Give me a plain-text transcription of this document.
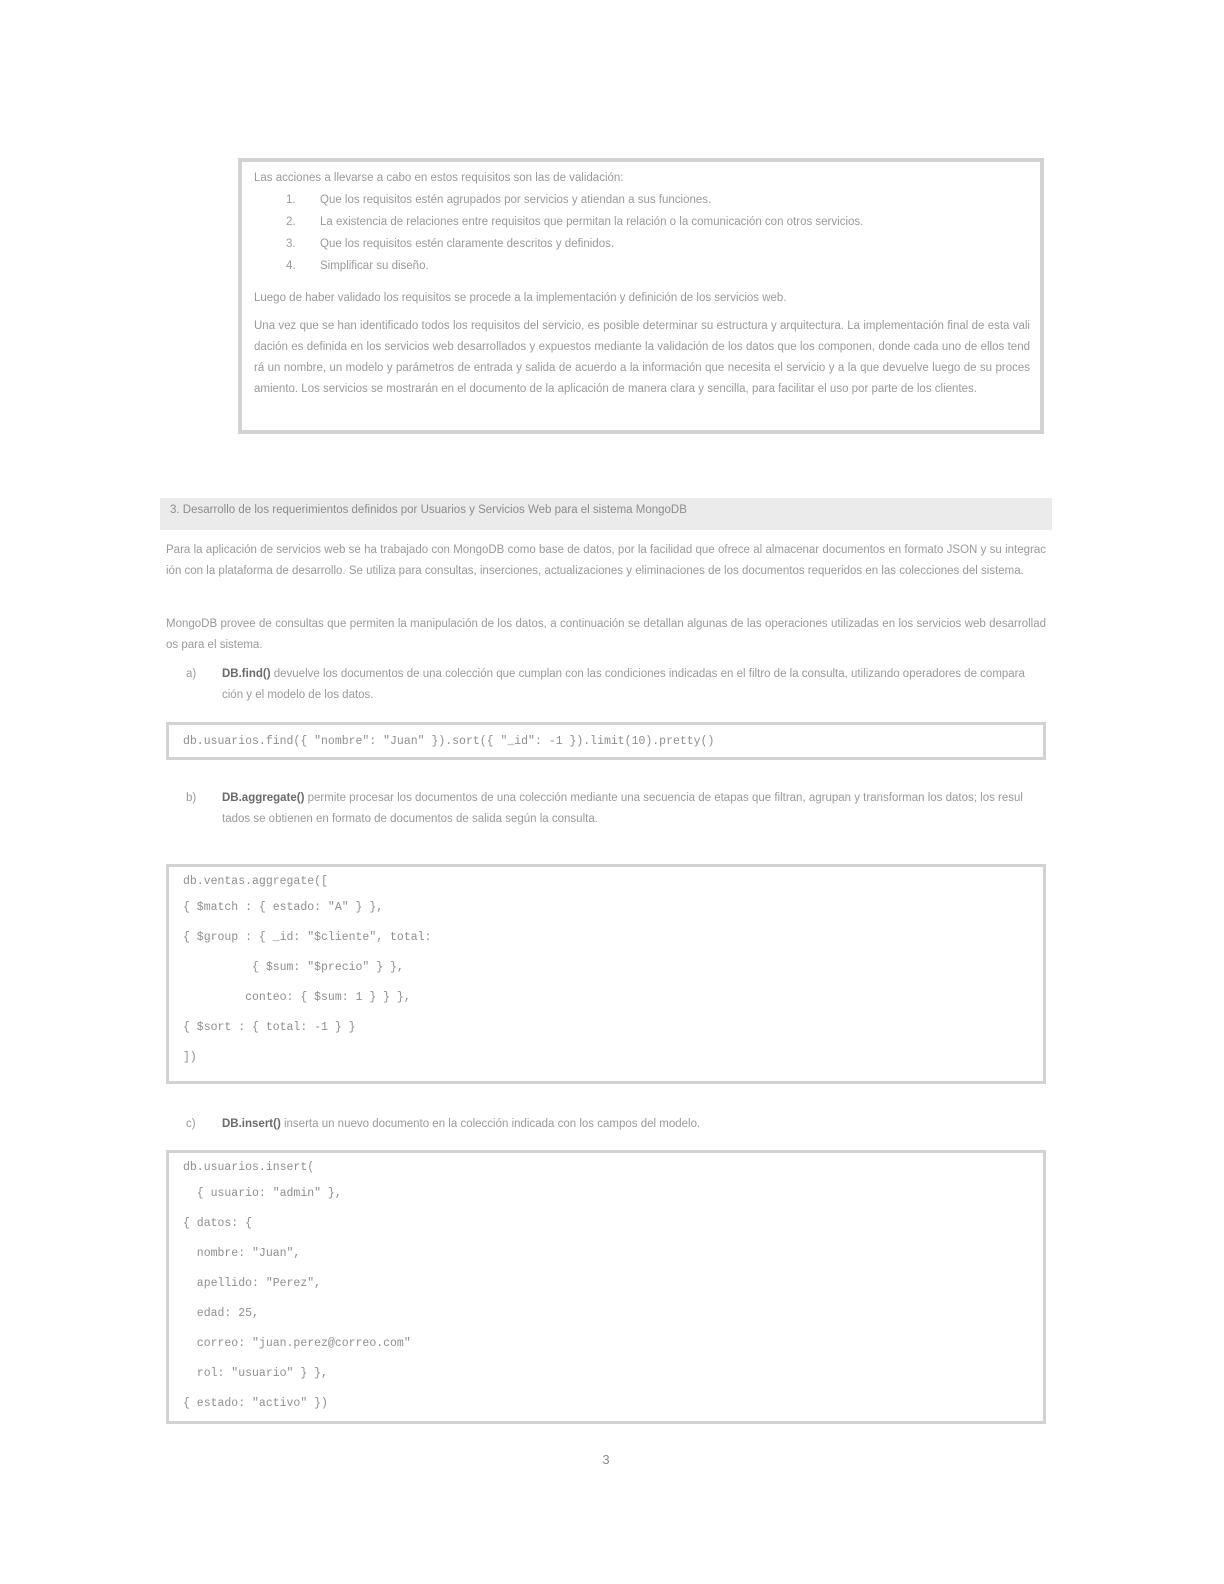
Las acciones a llevarse a cabo en estos requisitos son las de validación:
1.	Que los requisitos estén agrupados por servicios y atiendan a sus funciones.
2.	La existencia de relaciones entre requisitos que permitan la relación o la comunicación con otros servicios.
3.	Que los requisitos estén claramente descritos y definidos.
4.	Simplificar su diseño.
Luego de haber validado los requisitos se procede a la implementación y definición de los servicios web.
Una vez que se han identificado todos los requisitos del servicio, es posible determinar su estructura y arquitectura. La implementación final de esta validación es definida en los servicios web desarrollados y expuestos mediante la validación de los datos que los componen, donde cada uno de ellos tendrá un nombre, un modelo y parámetros de entrada y salida de acuerdo a la información que necesita el servicio y a la que devuelve luego de su procesamiento. Los servicios se mostrarán en el documento de la aplicación de manera clara y sencilla, para facilitar el uso por parte de los clientes.
3. Desarrollo de los requerimientos definidos por Usuarios y Servicios Web para el sistema MongoDB
Para la aplicación de servicios web se ha trabajado con MongoDB como base de datos, por la facilidad que ofrece al almacenar documentos en formato JSON y su integración con la plataforma de desarrollo. Se utiliza para consultas, inserciones, actualizaciones y eliminaciones de los documentos requeridos en las colecciones del sistema.
MongoDB provee de consultas que permiten la manipulación de los datos, a continuación se detallan algunas de las operaciones utilizadas en los servicios web desarrollados para el sistema.
a)	DB.find() devuelve los documentos de una colección que cumplan con las condiciones indicadas en el filtro de la consulta, utilizando operadores de comparación y el modelo de los datos.
db.usuarios.find({ "nombre": "Juan" }).sort({ "_id": -1 }).limit(10).pretty()
b)	DB.aggregate() permite procesar los documentos de una colección mediante una secuencia de etapas que filtran, agrupan y transforman los datos; los resultados se obtienen en formato de documentos de salida según la consulta.
db.ventas.aggregate([
{ $match : { estado: "A" } },
{ $group : { _id: "$cliente", total:
{ $sum: "$precio" } },
conteo: { $sum: 1 } } },
{ $sort : { total: -1 } }
])
c)	DB.insert() inserta un nuevo documento en la colección indicada con los campos del modelo.
db.usuarios.insert(
{ usuario: "admin" },
{ datos: {
nombre: "Juan",
apellido: "Perez",
edad: 25,
correo: "juan.perez@correo.com"
rol: "usuario" } },
{ estado: "activo" })
3
